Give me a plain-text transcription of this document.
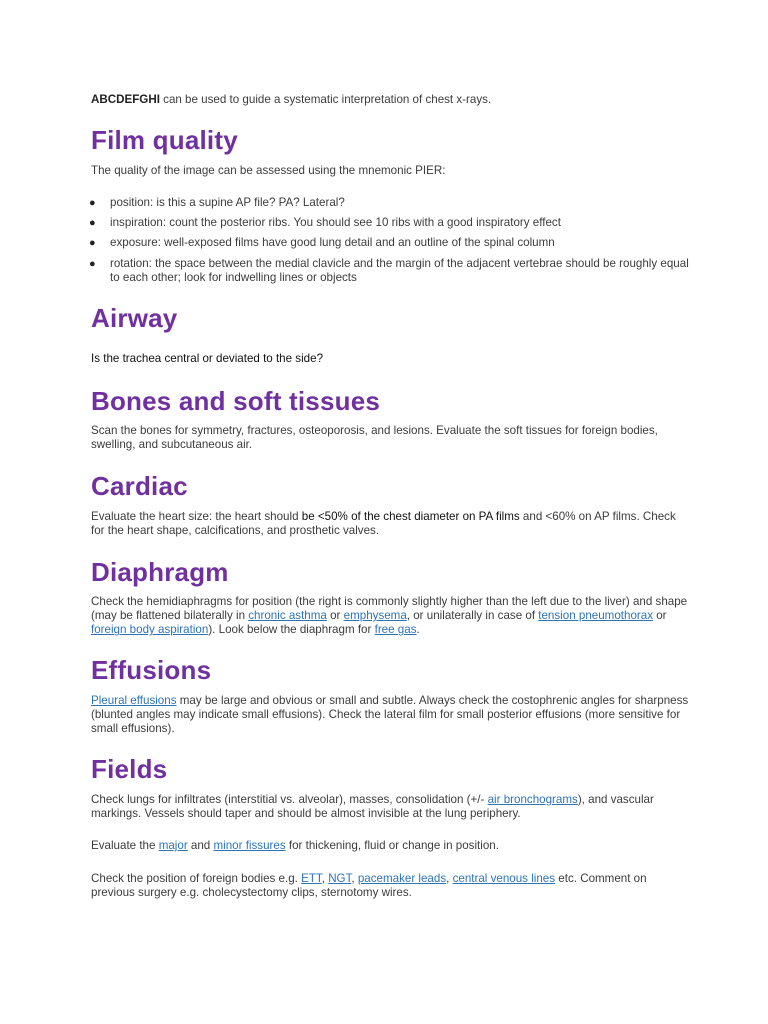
ABCDEFGHI can be used to guide a systematic interpretation of chest x-rays.

Film quality

The quality of the image can be assessed using the mnemonic PIER:

● position: is this a supine AP file? PA? Lateral?
● inspiration: count the posterior ribs. You should see 10 ribs with a good inspiratory effect
● exposure: well-exposed films have good lung detail and an outline of the spinal column
● rotation: the space between the medial clavicle and the margin of the adjacent vertebrae should be roughly equal to each other; look for indwelling lines or objects
Airway

Is the trachea central or deviated to the side?

Bones and soft tissues

Scan the bones for symmetry, fractures, osteoporosis, and lesions. Evaluate the soft tissues for foreign bodies, swelling, and subcutaneous air.

Cardiac

Evaluate the heart size: the heart should be <50% of the chest diameter on PA films and <60% on AP films. Check for the heart shape, calcifications, and prosthetic valves.

Diaphragm

Check the hemidiaphragms for position (the right is commonly slightly higher than the left due to the liver) and shape (may be flattened bilaterally in chronic asthma or emphysema, or unilaterally in case of tension pneumothorax or foreign body aspiration). Look below the diaphragm for free gas.

Effusions

Pleural effusions may be large and obvious or small and subtle. Always check the costophrenic angles for sharpness (blunted angles may indicate small effusions). Check the lateral film for small posterior effusions (more sensitive for small effusions).

Fields

Check lungs for infiltrates (interstitial vs. alveolar), masses, consolidation (+/- air bronchograms), and vascular markings. Vessels should taper and should be almost invisible at the lung periphery.

Evaluate the major and minor fissures for thickening, fluid or change in position.

Check the position of foreign bodies e.g. ETT, NGT, pacemaker leads, central venous lines etc. Comment on previous surgery e.g. cholecystectomy clips, sternotomy wires.
